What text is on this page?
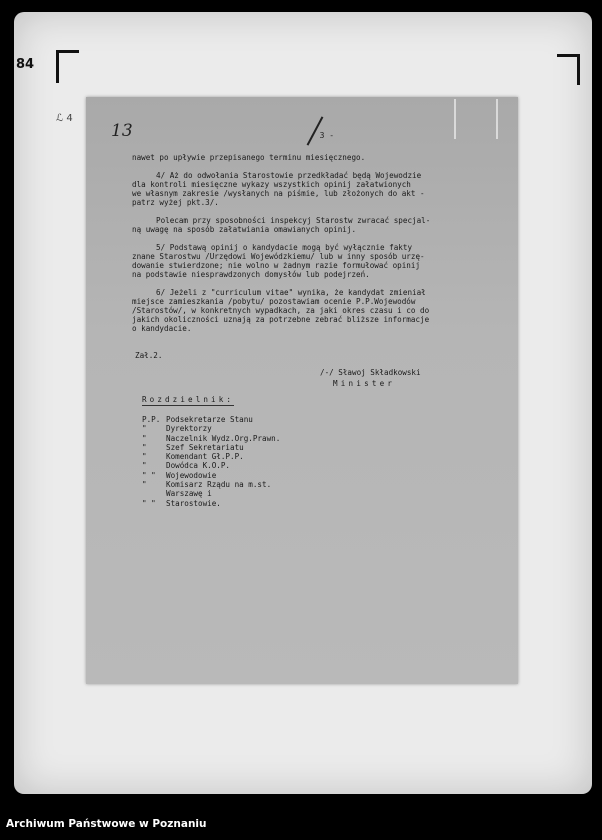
84
ℒ 4
13	- 3 -
nawet po upływie przepisanego terminu miesięcznego.
4/ Aż do odwołania Starostowie przedkładać będą Wojewodzie
dla kontroli miesięczne wykazy wszystkich opinij załatwionych
we własnym zakresie /wysłanych na piśmie, lub złożonych do akt -
patrz wyżej pkt.3/.
Polecam przy sposobności inspekcyj Starostw zwracać specjal-
ną uwagę na sposób załatwiania omawianych opinij.
5/ Podstawą opinij o kandydacie mogą być wyłącznie fakty
znane Starostwu /Urzędowi Wojewódzkiemu/ lub w inny sposób urzę-
dowanie stwierdzone; nie wolno w żadnym razie formułować opinij
na podstawie niesprawdzonych domysłów lub podejrzeń.
6/ Jeżeli z "curriculum vitae" wynika, że kandydat zmieniał
miejsce zamieszkania /pobytu/ pozostawiam ocenie P.P.Wojewodów
/Starostów/, w konkretnych wypadkach, za jaki okres czasu i co do
jakich okoliczności uznają za potrzebne zebrać bliższe informacje
o kandydacie.
Zał.2.
/-/ Sławoj Składkowski
Minister
Rozdzielnik:
P.P. Podsekretarze Stanu
"	Dyrektorzy
"	Naczelnik Wydz.Org.Prawn.
"	Szef Sekretariatu
"	Komendant Gł.P.P.
"	Dowódca K.O.P.
" " Wojewodowie
"	Komisarz Rządu na m.st.
Warszawę i
" " Starostowie.
Archiwum Państwowe w Poznaniu
